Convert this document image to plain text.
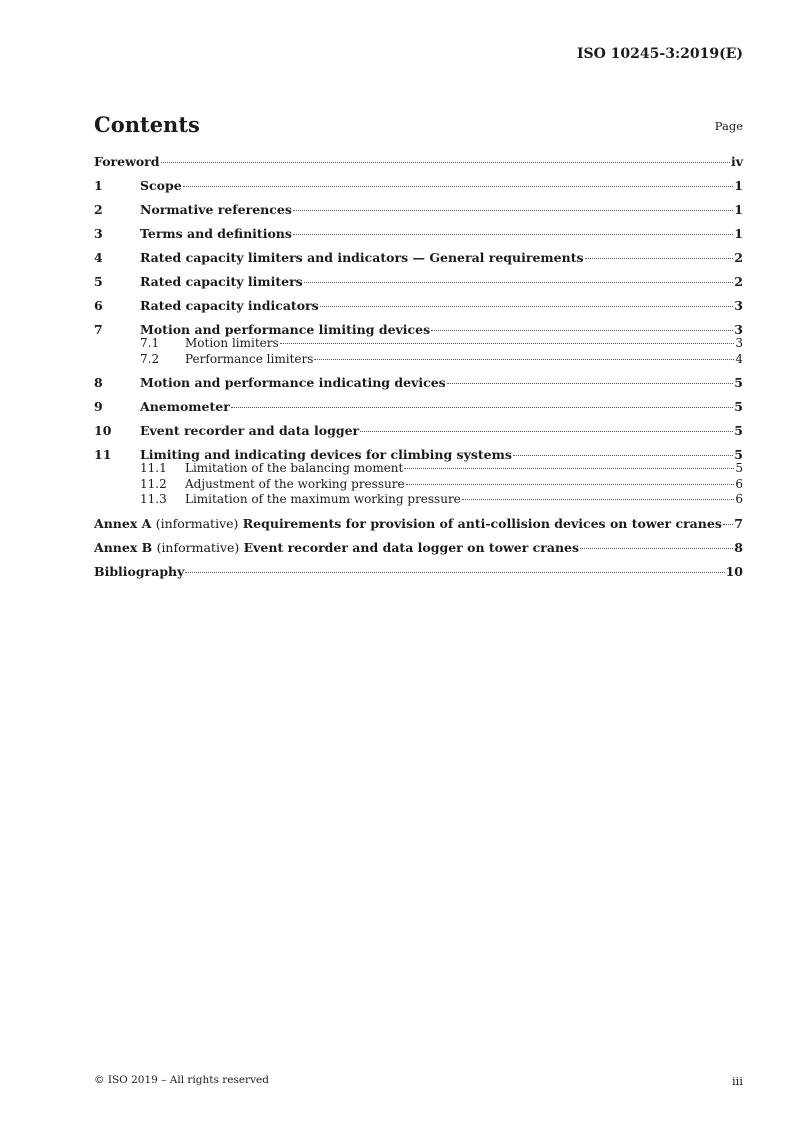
ISO 10245-3:2019(E)
Contents	Page
Foreword	iv
1	Scope	1
2	Normative references	1
3	Terms and definitions	1
4	Rated capacity limiters and indicators — General requirements	2
5	Rated capacity limiters	2
6	Rated capacity indicators	3
7	Motion and performance limiting devices	3
7.1	Motion limiters	3
7.2	Performance limiters	4
8	Motion and performance indicating devices	5
9	Anemometer	5
10	Event recorder and data logger	5
11	Limiting and indicating devices for climbing systems	5
11.1	Limitation of the balancing moment	5
11.2	Adjustment of the working pressure	6
11.3	Limitation of the maximum working pressure	6
Annex A (informative) Requirements for provision of anti-collision devices on tower cranes 7
Annex B (informative) Event recorder and data logger on tower cranes	8
Bibliography	10
© ISO 2019 – All rights reserved	iii
